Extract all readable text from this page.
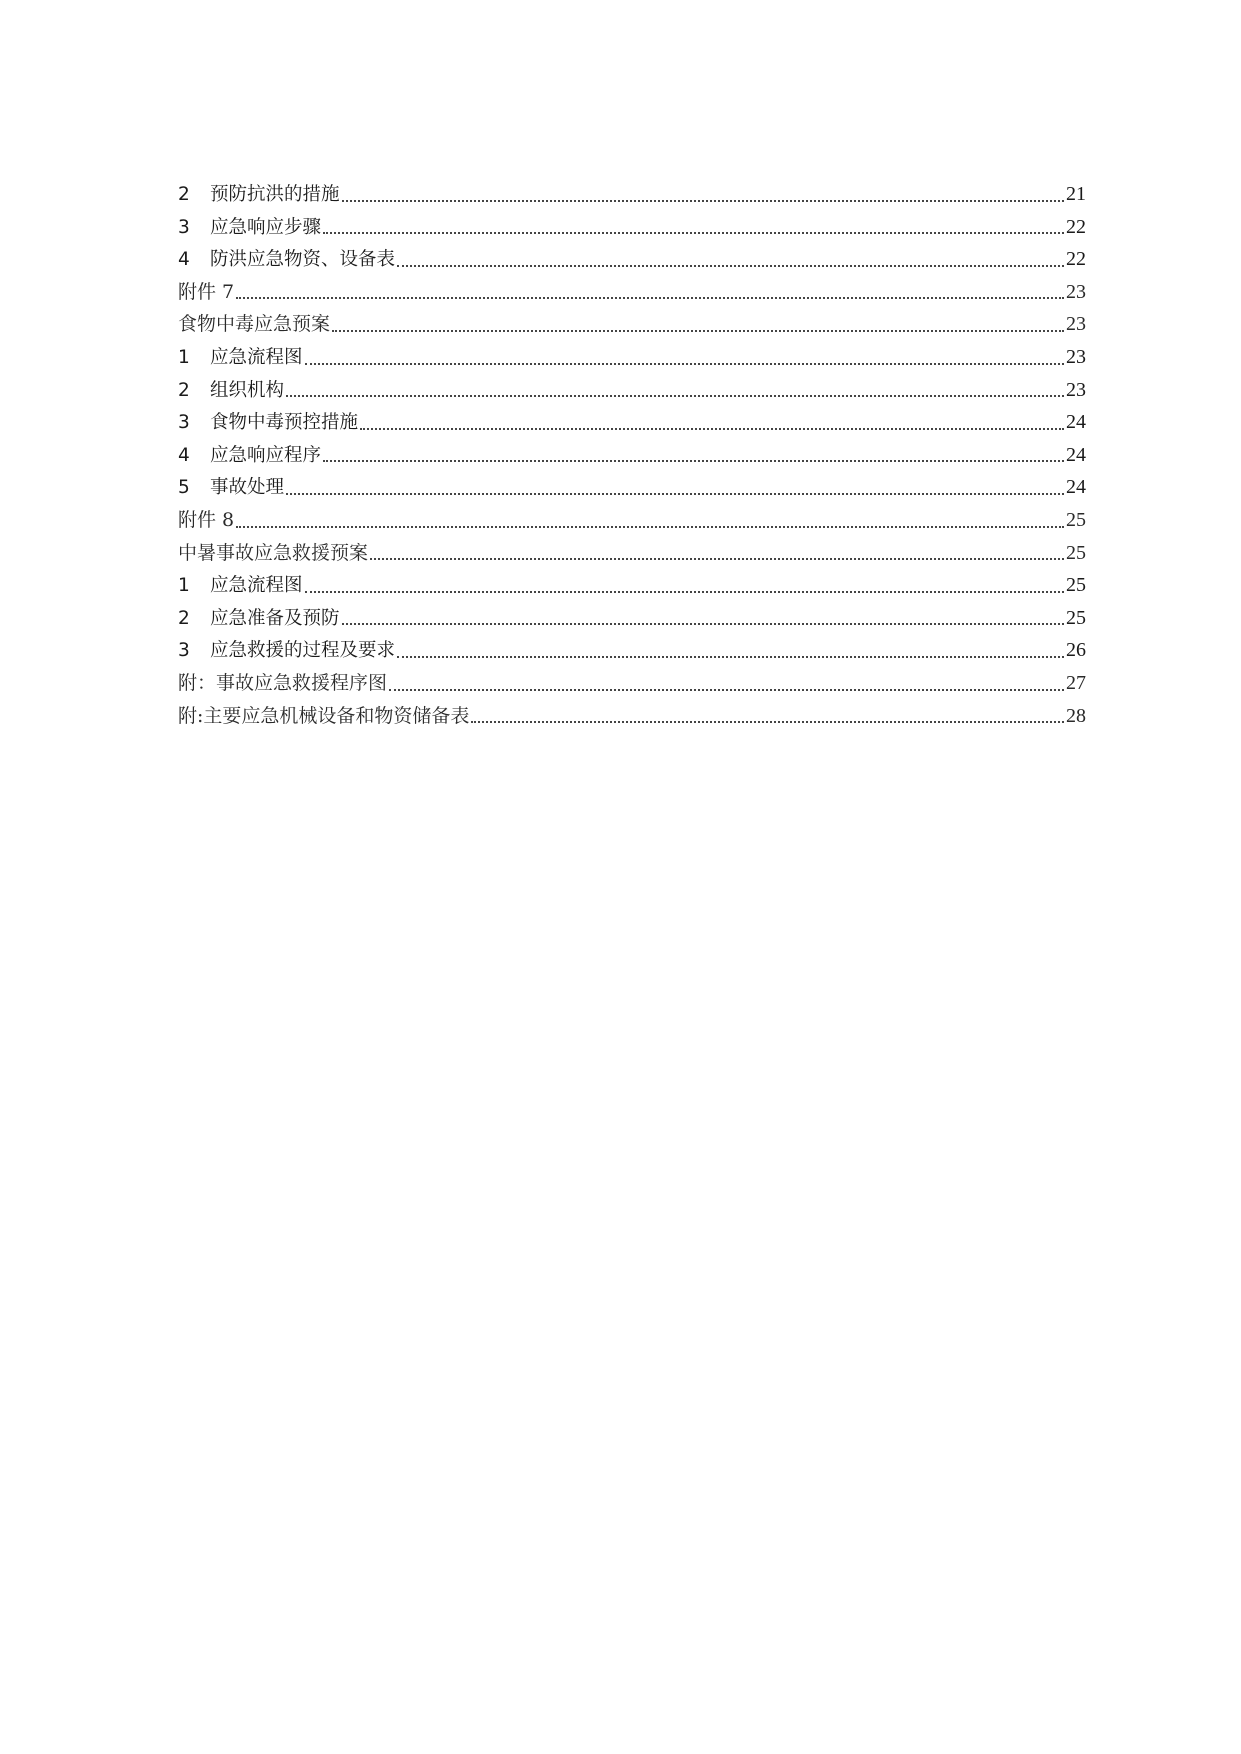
2	预防抗洪的措施	21
3	应急响应步骤	22
4	防洪应急物资、设备表	22
附件 7	23
食物中毒应急预案	23
1	应急流程图	23
2	组织机构	23
3	食物中毒预控措施	24
4	应急响应程序	24
5	事故处理	24
附件 8	25
中暑事故应急救援预案	25
1	应急流程图	25
2	应急准备及预防	25
3	应急救援的过程及要求	26
附：事故应急救援程序图	27
附:主要应急机械设备和物资储备表	28
